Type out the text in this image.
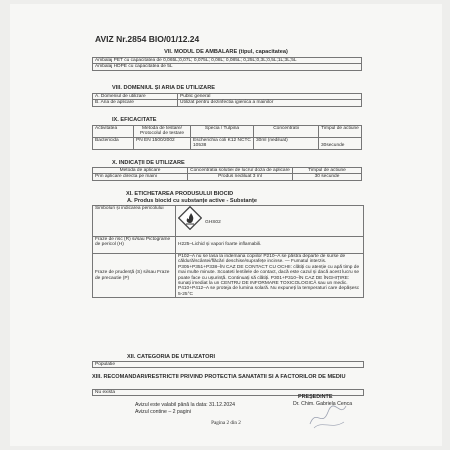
AVIZ Nr.2854 BIO/01/12.24
VII. MODUL DE AMBALARE (tipul, capacitatea)
Ambalaj PET cu capacitatea de 0,065L;0,07L; 0,075L; 0,08L; 0,085L; 0,25L;0,3L;0,5L;1L;3L;5L
Ambalaj HDPE cu capacitatea de 5L
VIII. DOMENIUL ȘI ARIA DE UTILIZARE
A. Domeniul de utilizare	Public general
B. Aria de aplicare	Utilizat pentru dezinfectia igienica a mainilor
IX. EFICACITATE
Activitatea	Metoda de testare/ Protocolul de testare	Specia / Tulpina	Concentratii	Timpul de actiune
Bactericida	PN EN 1500/2002	Escherichia coli K12 NCTC 10538	30ml (nediluat)	30secunde
X. INDICAȚII DE UTILIZARE
Metoda de aplicare	Concentratia solutiei de lucru/ doza de aplicare	Timpul de actiune
Prin aplicare directa pe maini	Produs nediluat 3 ml	30 secunde
XI. ETICHETAREA PRODUSULUI BIOCID
A. Produs biocid cu substanțe active - Substanțe
Simboluri și indicarea pericolului	GHS02

Fraze de risc (R) si/sau Pictograme de pericol (H)	H225–Lichid și vapori foarte inflamabili.
Fraze de prudență (S) si/sau Fraze de precautie (P)	P102–A nu se lasa la indemana copiilor P210–A se păstra departe de surse de căldură/scântei/flăcări deschise/suprafețe incinse. — Fumatul interzis. P305+P351+P338–ÎN CAZ DE CONTACT CU OCHII: clătiți cu atenție cu apă timp de mai multe minute. Scoateti lentilele de contact, dacă este cazul și dacă acest lucru se poate face cu ușurință. Continuați să clătiți. P301+P310–ÎN CAZ DE ÎNGHIȚIRE: sunați imediat la un CENTRU DE INFORMARE TOXICOLOGICĂ sau un medic. P410+P412–A se proteja de lumina solară. Nu expuneți la temperaturi care depășesc 5-25°C
XII. CATEGORIA DE UTILIZATORI
Populatie
XIII. RECOMANDARI/RESTRICTII PRIVIND PROTECTIA SANATATII SI A FACTORILOR DE MEDIU
Nu exista
Avizul este valabil până la data: 31.12.2024
Avizul contine – 2 pagini
PREȘEDINTE
Dr. Chim. Gabriela Cenca
Pagina 2 din 2
